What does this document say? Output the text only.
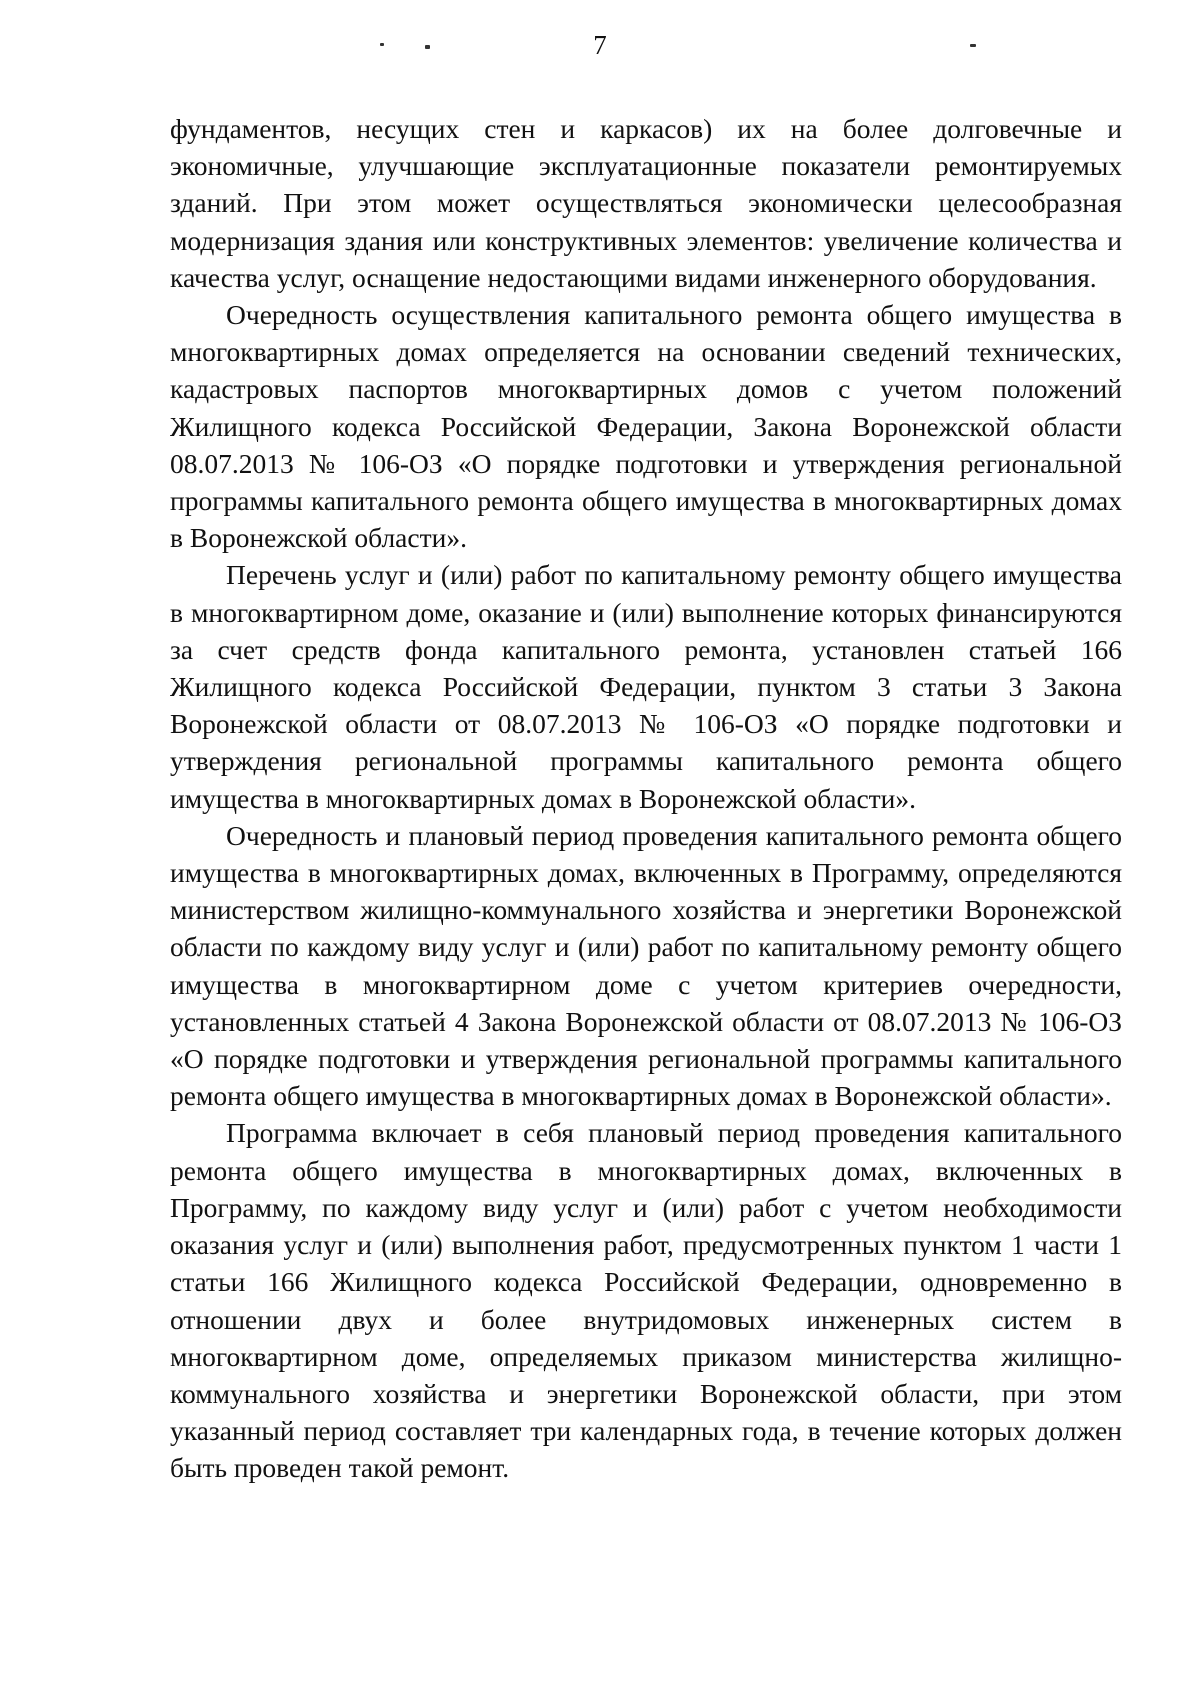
7

фундаментов, несущих стен и каркасов) их на более долговечные и экономичные, улучшающие эксплуатационные показатели ремонтируемых зданий. При этом может осуществляться экономически целесообразная модернизация здания или конструктивных элементов: увеличение количества и качества услуг, оснащение недостающими видами инженерного оборудования.

Очередность осуществления капитального ремонта общего имущества в многоквартирных домах определяется на основании сведений технических, кадастровых паспортов многоквартирных домов с учетом положений Жилищного кодекса Российской Федерации, Закона Воронежской области 08.07.2013 № 106-ОЗ «О порядке подготовки и утверждения региональной программы капитального ремонта общего имущества в многоквартирных домах в Воронежской области».

Перечень услуг и (или) работ по капитальному ремонту общего имущества в многоквартирном доме, оказание и (или) выполнение которых финансируются за счет средств фонда капитального ремонта, установлен статьей 166 Жилищного кодекса Российской Федерации, пунктом 3 статьи 3 Закона Воронежской области от 08.07.2013 № 106-ОЗ «О порядке подготовки и утверждения региональной программы капитального ремонта общего имущества в многоквартирных домах в Воронежской области».

Очередность и плановый период проведения капитального ремонта общего имущества в многоквартирных домах, включенных в Программу, определяются министерством жилищно-коммунального хозяйства и энергетики Воронежской области по каждому виду услуг и (или) работ по капитальному ремонту общего имущества в многоквартирном доме с учетом критериев очередности, установленных статьей 4 Закона Воронежской области от 08.07.2013 № 106-ОЗ «О порядке подготовки и утверждения региональной программы капитального ремонта общего имущества в многоквартирных домах в Воронежской области».

Программа включает в себя плановый период проведения капитального ремонта общего имущества в многоквартирных домах, включенных в Программу, по каждому виду услуг и (или) работ с учетом необходимости оказания услуг и (или) выполнения работ, предусмотренных пунктом 1 части 1 статьи 166 Жилищного кодекса Российской Федерации, одновременно в отношении двух и более внутридомовых инженерных систем в многоквартирном доме, определяемых приказом министерства жилищно-коммунального хозяйства и энергетики Воронежской области, при этом указанный период составляет три календарных года, в течение которых должен быть проведен такой ремонт.
